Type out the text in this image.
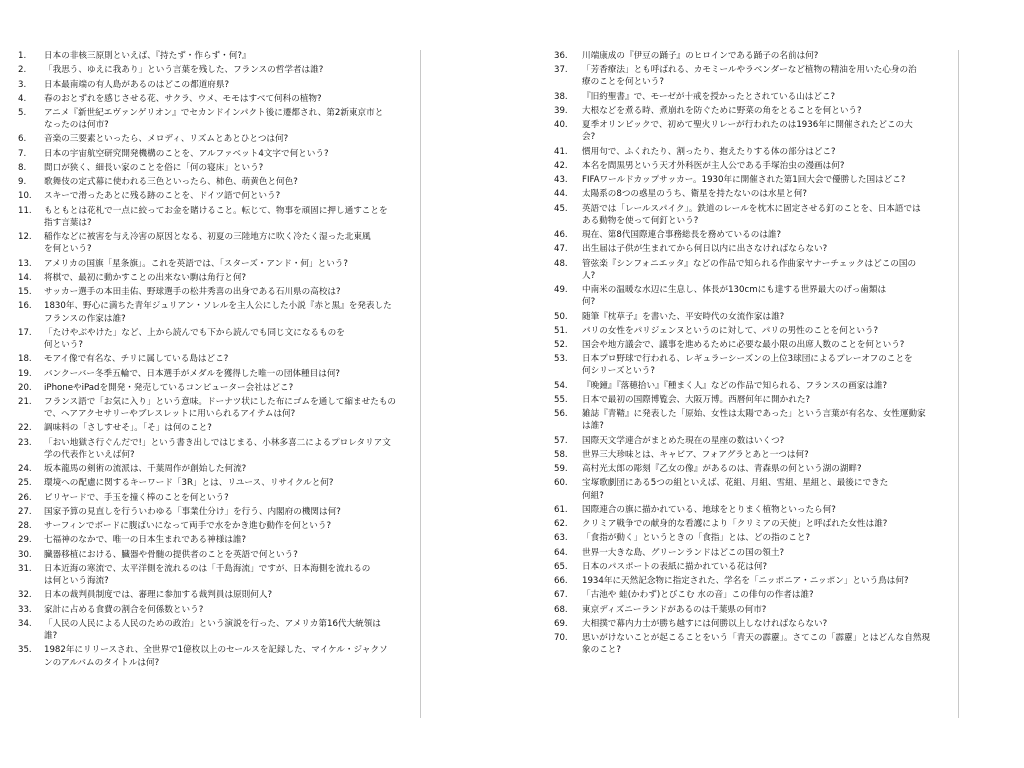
1.	日本の非核三原則といえば、『持たず・作らず・何?』
2.	「我思う、ゆえに我あり」という言葉を残した、フランスの哲学者は誰?
3.	日本最南端の有人島があるのはどこの都道府県?
4.	春のおとずれを感じさせる花、サクラ、ウメ、モモはすべて何科の植物?
5.	アニメ『新世紀エヴァンゲリオン』でセカンドインパクト後に遷都され、第2新東京市と
なったのは何市?
6.	音楽の三要素といったら、メロディ、リズムとあとひとつは何?
7.	日本の宇宙航空研究開発機構のことを、アルファベット4文字で何という?
8.	間口が狭く、細長い家のことを俗に「何の寝床」という?
9.	歌舞伎の定式幕に使われる三色といったら、柿色、萌黄色と何色?
10.	スキーで滑ったあとに残る跡のことを、ドイツ語で何という?
11.	もともとは花札で一点に絞ってお金を賭けること。転じて、物事を頑固に押し通すことを
指す言葉は?
12.	稲作などに被害を与え冷害の原因となる、初夏の三陸地方に吹く冷たく湿った北東風
を何という?
13.	アメリカの国旗「星条旗」。これを英語では、「スターズ・アンド・何」という?
14.	将棋で、最初に動かすことの出来ない駒は角行と何?
15.	サッカー選手の本田圭佑、野球選手の松井秀喜の出身である石川県の高校は?
16.	1830年、野心に満ちた青年ジュリアン・ソレルを主人公にした小説『赤と黒』を発表した
フランスの作家は誰?
17.	「たけやぶやけた」など、上から読んでも下から読んでも同じ文になるものを
何という?
18.	モアイ像で有名な、チリに属している島はどこ?
19.	バンクーバー冬季五輪で、日本選手がメダルを獲得した唯一の団体種目は何?
20.	iPhoneやiPadを開発・発売しているコンピューター会社はどこ?
21.	フランス語で「お気に入り」という意味。ドーナツ状にした布にゴムを通して縮ませたもの
で、ヘアアクセサリーやブレスレットに用いられるアイテムは何?
22.	調味料の「さしすせそ」。「そ」は何のこと?
23.	「おい地獄さ行ぐんだで!」という書き出しではじまる、小林多喜二によるプロレタリア文
学の代表作といえば何?
24.	坂本龍馬の剣術の流派は、千葉周作が創始した何流?
25.	環境への配慮に関するキーワード「3R」とは、リユース、リサイクルと何?
26.	ビリヤードで、手玉を撞く棒のことを何という?
27.	国家予算の見直しを行ういわゆる「事業仕分け」を行う、内閣府の機関は何?
28.	サーフィンでボードに腹ばいになって両手で水をかき進む動作を何という?
29.	七福神のなかで、唯一の日本生まれである神様は誰?
30.	臓器移植における、臓器や骨髄の提供者のことを英語で何という?
31.	日本近海の寒流で、太平洋側を流れるのは「千島海流」ですが、日本海側を流れるの
は何という海流?
32.	日本の裁判員制度では、審理に参加する裁判員は原則何人?
33.	家計に占める食費の割合を何係数という?
34.	「人民の人民による人民のための政治」という演説を行った、アメリカ第16代大統領は
誰?
35.	1982年にリリースされ、全世界で1億枚以上のセールスを記録した、マイケル・ジャクソ
ンのアルバムのタイトルは何?
36.	川端康成の『伊豆の踊子』のヒロインである踊子の名前は何?
37.	「芳香療法」とも呼ばれる、カモミールやラベンダーなど植物の精油を用いた心身の治
療のことを何という?
38.	『旧約聖書』で、モーゼが十戒を授かったとされている山はどこ?
39.	大根などを煮る時、煮崩れを防ぐために野菜の角をとることを何という?
40.	夏季オリンピックで、初めて聖火リレーが行われたのは1936年に開催されたどこの大
会?
41.	慣用句で、ふくれたり、割ったり、抱えたりする体の部分はどこ?
42.	本名を間黒男という天才外科医が主人公である手塚治虫の漫画は何?
43.	FIFAワールドカップサッカー。1930年に開催された第1回大会で優勝した国はどこ?
44.	太陽系の8つの惑星のうち、衛星を持たないのは水星と何?
45.	英語では「レールスパイク」。鉄道のレールを枕木に固定させる釘のことを、日本語では
ある動物を使って何釘という?
46.	現在、第8代国際連合事務総長を務めているのは誰?
47.	出生届は子供が生まれてから何日以内に出さなければならない?
48.	管弦楽『シンフォニエッタ』などの作品で知られる作曲家ヤナーチェックはどこの国の
人?
49.	中南米の温暖な水辺に生息し、体長が130cmにも達する世界最大のげっ歯類は
何?
50.	随筆『枕草子』を書いた、平安時代の女流作家は誰?
51.	パリの女性をパリジェンヌというのに対して、パリの男性のことを何という?
52.	国会や地方議会で、議事を進めるために必要な最小限の出席人数のことを何という?
53.	日本プロ野球で行われる、レギュラーシーズンの上位3球団によるプレーオフのことを
何シリーズという?
54.	『晩鐘』『落穂拾い』『種まく人』などの作品で知られる、フランスの画家は誰?
55.	日本で最初の国際博覧会、大阪万博。西暦何年に開かれた?
56.	雑誌『青鞜』に発表した「原始、女性は太陽であった」という言葉が有名な、女性運動家
は誰?
57.	国際天文学連合がまとめた現在の星座の数はいくつ?
58.	世界三大珍味とは、キャビア、フォアグラとあと一つは何?
59.	高村光太郎の彫刻『乙女の像』があるのは、青森県の何という湖の湖畔?
60.	宝塚歌劇団にある5つの組といえば、花組、月組、雪組、星組と、最後にできた
何組?
61.	国際連合の旗に描かれている、地球をとりまく植物といったら何?
62.	クリミア戦争での献身的な看護により「クリミアの天使」と呼ばれた女性は誰?
63.	「食指が動く」というときの「食指」とは、どの指のこと?
64.	世界一大きな島、グリーンランドはどこの国の領土?
65.	日本のパスポートの表紙に描かれている花は何?
66.	1934年に天然記念物に指定された、学名を「ニッポニア・ニッポン」という鳥は何?
67.	「古池や 蛙(かわず)とびこむ 水の音」この俳句の作者は誰?
68.	東京ディズニーランドがあるのは千葉県の何市?
69.	大相撲で幕内力士が勝ち越すには何勝以上しなければならない?
70.	思いがけないことが起こることをいう「青天の霹靂」。さてこの「霹靂」とはどんな自然現
象のこと?
